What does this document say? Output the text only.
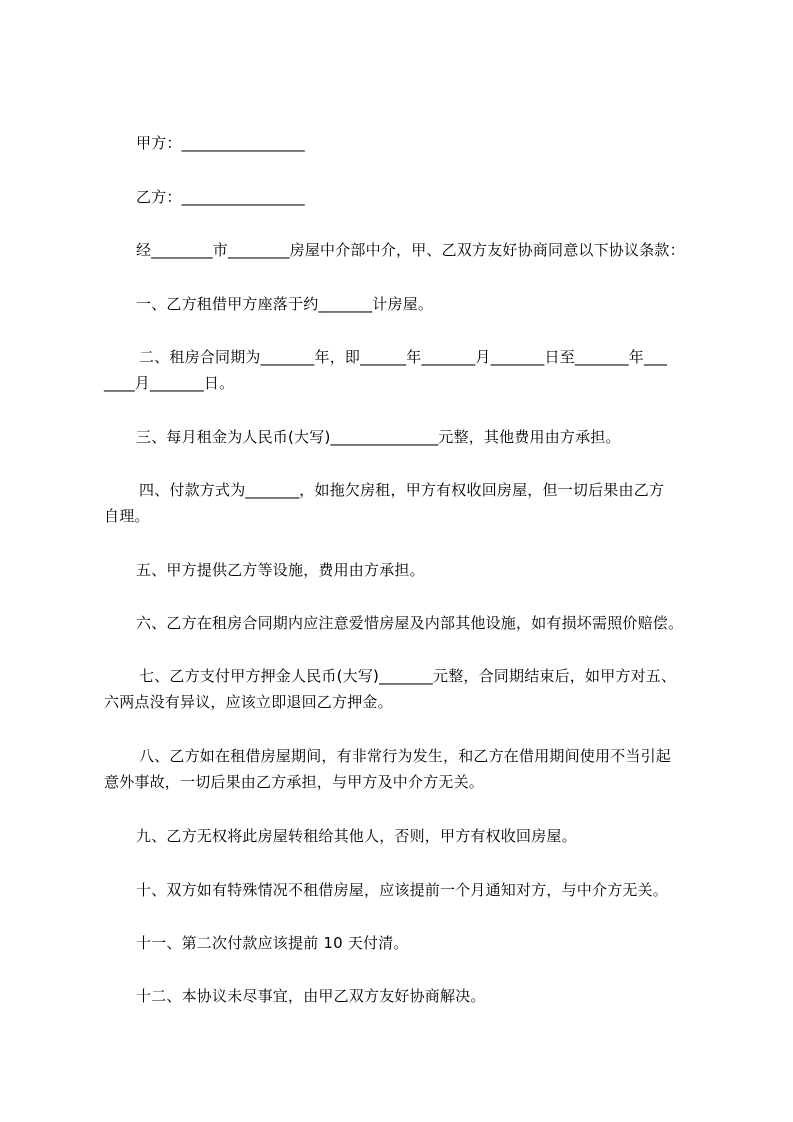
甲方：________________
乙方：________________
经________市________房屋中介部中介，甲、乙双方友好协商同意以下协议条款：
一、乙方租借甲方座落于约_______计房屋。
二、租房合同期为_______年，即______年_______月_______日至_______年___
____月_______日。
三、每月租金为人民币(大写)______________元整，其他费用由方承担。
四、付款方式为_______，如拖欠房租，甲方有权收回房屋，但一切后果由乙方
自理。
五、甲方提供乙方等设施，费用由方承担。
六、乙方在租房合同期内应注意爱惜房屋及内部其他设施，如有损坏需照价赔偿。
七、乙方支付甲方押金人民币(大写)_______元整，合同期结束后，如甲方对五、
六两点没有异议，应该立即退回乙方押金。
八、乙方如在租借房屋期间，有非常行为发生，和乙方在借用期间使用不当引起
意外事故，一切后果由乙方承担，与甲方及中介方无关。
九、乙方无权将此房屋转租给其他人，否则，甲方有权收回房屋。
十、双方如有特殊情况不租借房屋，应该提前一个月通知对方，与中介方无关。
十一、第二次付款应该提前 10 天付清。
十二、本协议未尽事宜，由甲乙双方友好协商解决。
